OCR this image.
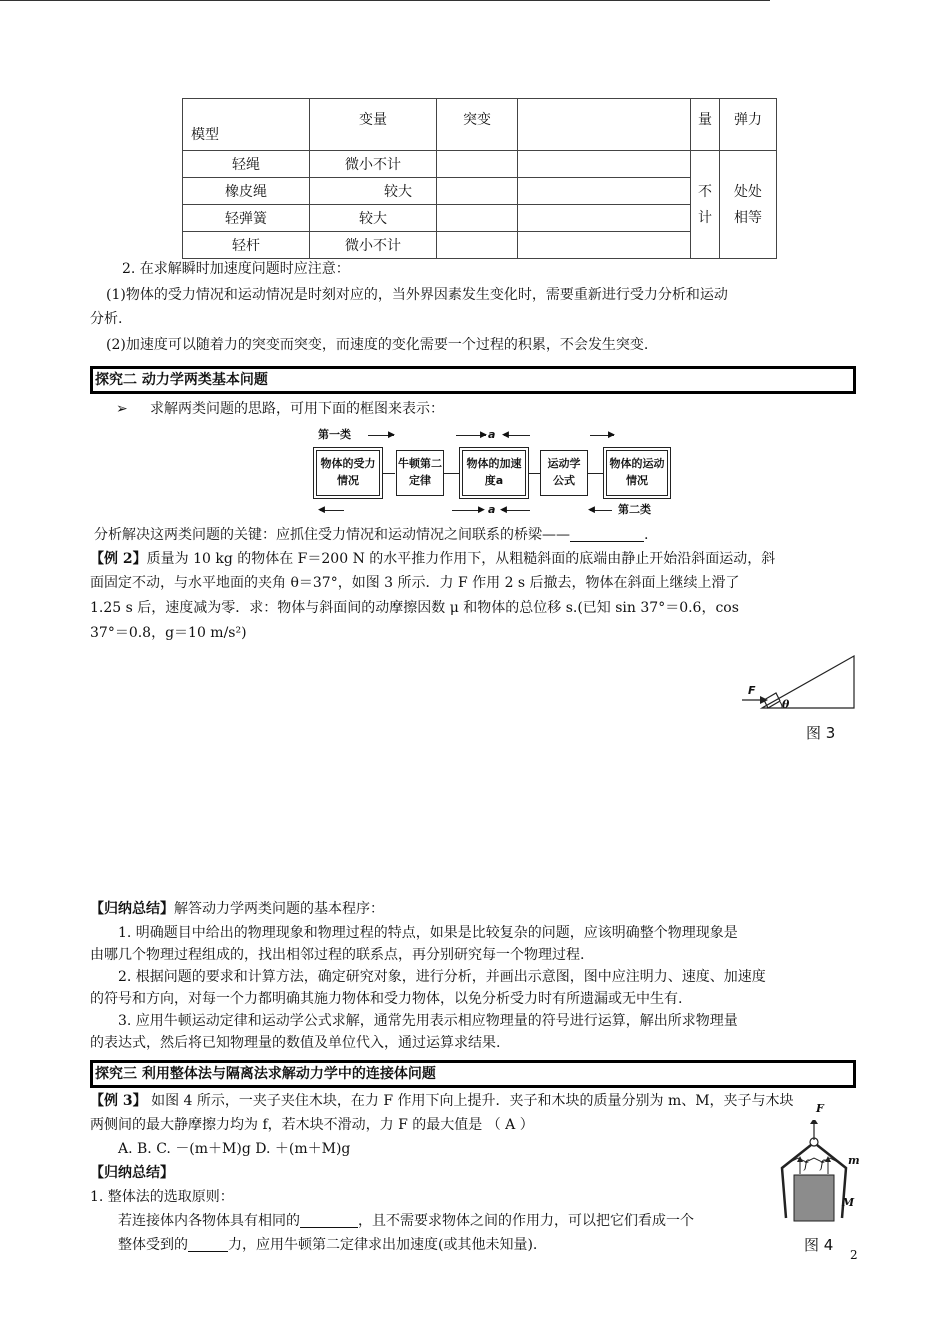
模型	变量	突变		量	弹力
轻绳	微小不计			不计	处处相等
橡皮绳	较大				
轻弹簧	较大				
轻杆	微小不计				
2. 在求解瞬时加速度问题时应注意：
(1)物体的受力情况和运动情况是时刻对应的，当外界因素发生变化时，需要重新进行受力分析和运动
分析.
(2)加速度可以随着力的突变而突变，而速度的变化需要一个过程的积累，不会发生突变.
探究二 动力学两类基本问题
➢ 求解两类问题的思路，可用下面的框图来表示：
第一类	▶	▶ a ◀	▶
物体的受力情况
牛顿第二定律
物体的加速度a
运动学公式
物体的运动情况
◀	▶ a ◀	◀ 第二类
分析解决这两类问题的关键：应抓住受力情况和运动情况之间联系的桥梁——	.
【例 2】质量为 10 kg 的物体在 F＝200 N 的水平推力作用下，从粗糙斜面的底端由静止开始沿斜面运动，斜
面固定不动，与水平地面的夹角 θ＝37°，如图 3 所示．力 F 作用 2 s 后撤去，物体在斜面上继续上滑了
1.25 s 后，速度减为零．求：物体与斜面间的动摩擦因数 μ 和物体的总位移 s.(已知 sin 37°＝0.6，cos
37°＝0.8，g＝10 m/s²)
F
θ
图 3
【归纳总结】解答动力学两类问题的基本程序：
1. 明确题目中给出的物理现象和物理过程的特点，如果是比较复杂的问题，应该明确整个物理现象是
由哪几个物理过程组成的，找出相邻过程的联系点，再分别研究每一个物理过程.
2. 根据问题的要求和计算方法，确定研究对象，进行分析，并画出示意图，图中应注明力、速度、加速度
的符号和方向，对每一个力都明确其施力物体和受力物体，以免分析受力时有所遗漏或无中生有.
3. 应用牛顿运动定律和运动学公式求解，通常先用表示相应物理量的符号进行运算，解出所求物理量
的表达式，然后将已知物理量的数值及单位代入，通过运算求结果.
探究三 利用整体法与隔离法求解动力学中的连接体问题
【例 3】 如图 4 所示，一夹子夹住木块，在力 F 作用下向上提升．夹子和木块的质量分别为 m、M，夹子与木块
两侧间的最大静摩擦力均为 f，若木块不滑动，力 F 的最大值是 （ A ）
A. B. C. －(m＋M)g D. ＋(m＋M)g
【归纳总结】
1. 整体法的选取原则：
若连接体内各物体具有相同的	，且不需要求物体之间的作用力，可以把它们看成一个
整体受到的	力，应用牛顿第二定律求出加速度(或其他未知量).
F
f f m
M
图 4
2
